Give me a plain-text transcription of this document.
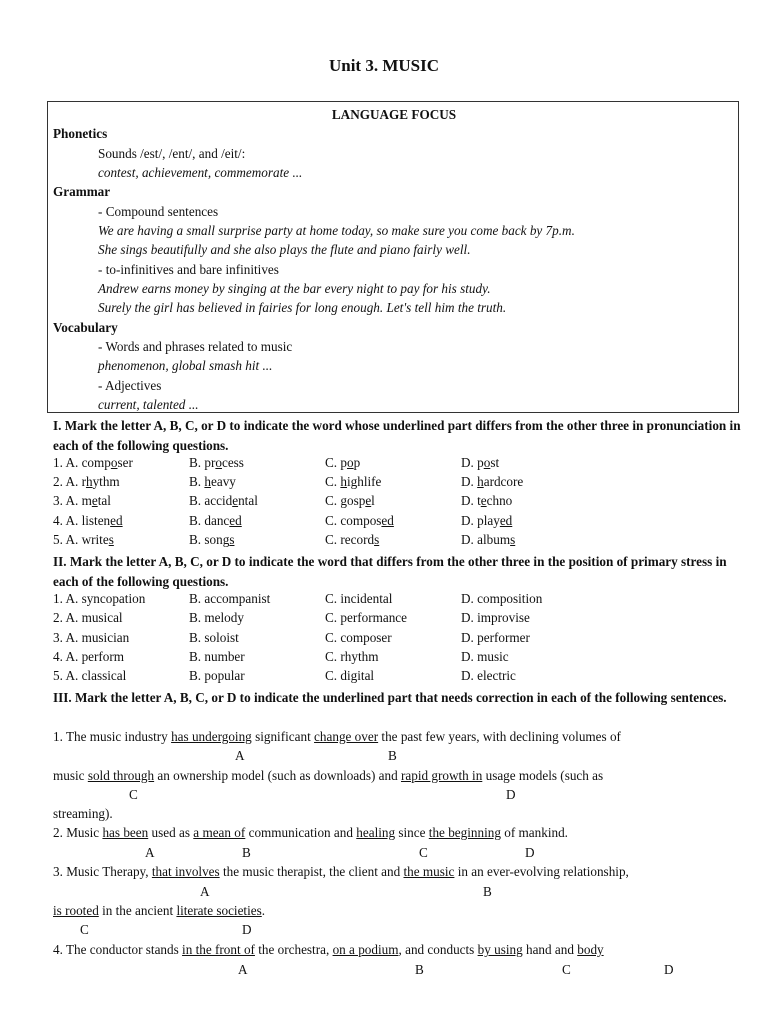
Unit 3. MUSIC
LANGUAGE FOCUS
Phonetics
Sounds /est/, /ent/, and /eit/:
contest, achievement, commemorate ...
Grammar
- Compound sentences
We are having a small surprise party at home today, so make sure you come back by 7p.m.
She sings beautifully and she also plays the flute and piano fairly well.
- to-infinitives and bare infinitives
Andrew earns money by singing at the bar every night to pay for his study.
Surely the girl has believed in fairies for long enough. Let's tell him the truth.
Vocabulary
- Words and phrases related to music
phenomenon, global smash hit ...
- Adjectives
current, talented ...
I. Mark the letter A, B, C, or D to indicate the word whose underlined part differs from the other three in pronunciation in each of the following questions.
1. A. composer	B. process	C. pop	D. post
2. A. rhythm	B. heavy	C. highlife	D. hardcore
3. A. metal	B. accidental	C. gospel	D. techno
4. A. listened	B. danced	C. composed	D. played
5. A. writes	B. songs	C. records	D. albums
II. Mark the letter A, B, C, or D to indicate the word that differs from the other three in the position of primary stress in each of the following questions.
1. A. syncopation	B. accompanist	C. incidental	D. composition
2. A. musical	B. melody	C. performance	D. improvise
3. A. musician	B. soloist	C. composer	D. performer
4. A. perform	B. number	C. rhythm	D. music
5. A. classical	B. popular	C. digital	D. electric
III. Mark the letter A, B, C, or D to indicate the underlined part that needs correction in each of the following sentences.
1. The music industry has undergoing significant change over the past few years, with declining volumes of
A	B
music sold through an ownership model (such as downloads) and rapid growth in usage models (such as
C	D
streaming).
2. Music has been used as a mean of communication and healing since the beginning of mankind.
A	B	C	D
3. Music Therapy, that involves the music therapist, the client and the music in an ever-evolving relationship,
A	B
is rooted in the ancient literate societies.
C	D
4. The conductor stands in the front of the orchestra, on a podium, and conducts by using hand and body
A	B	C	D
